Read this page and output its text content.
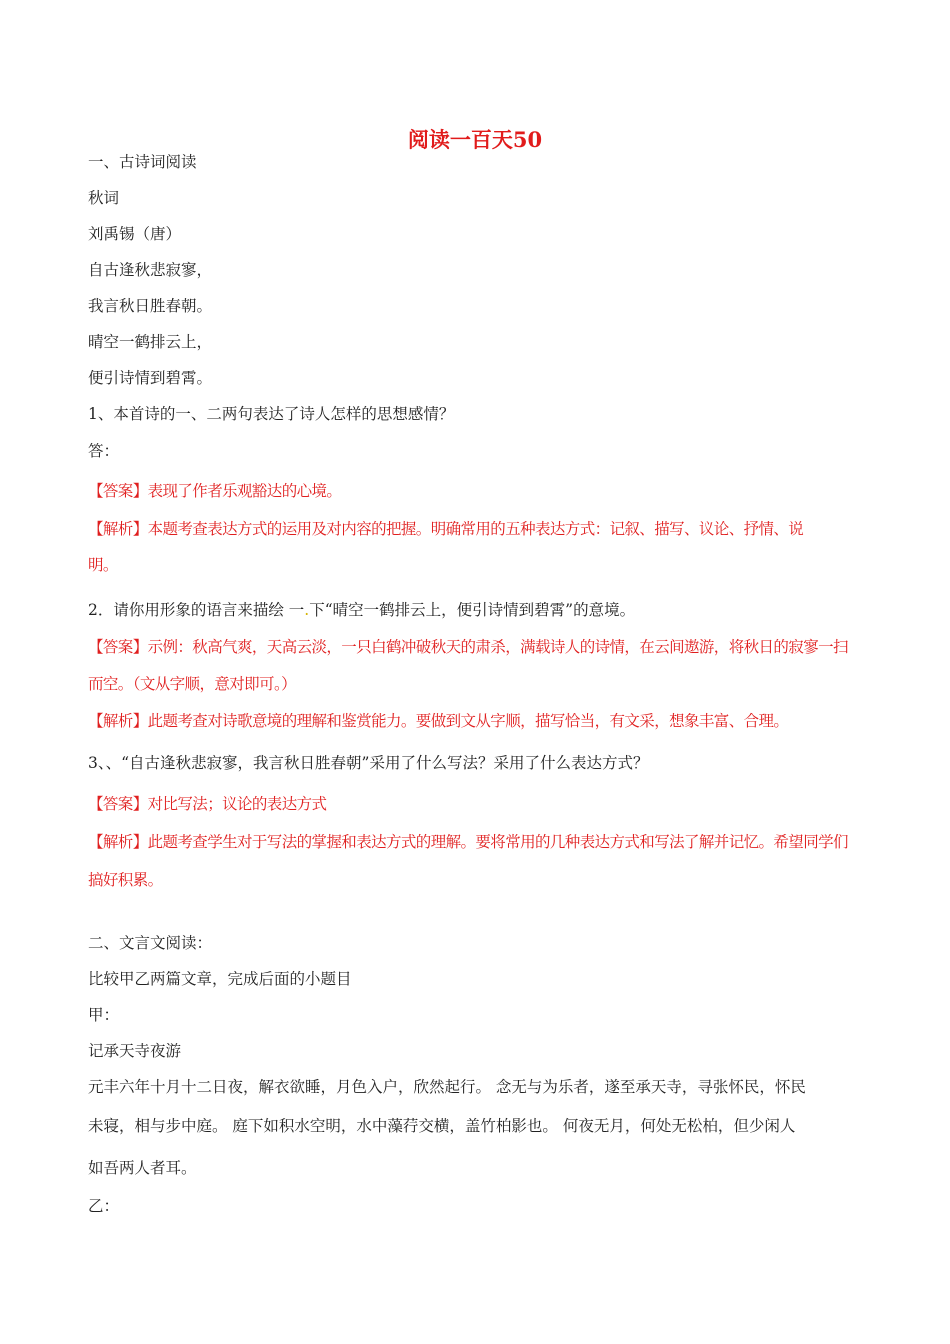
阅读一百天50
一、古诗词阅读
秋词
刘禹锡（唐）
自古逢秋悲寂寥，
我言秋日胜春朝。
晴空一鹤排云上，
便引诗情到碧霄。
1、本首诗的一、二两句表达了诗人怎样的思想感情？
答：
【答案】表现了作者乐观豁达的心境。
【解析】本题考查表达方式的运用及对内容的把握。明确常用的五种表达方式：记叙、描写、议论、抒情、说
明。
2．请你用形象的语言来描绘 一.下“晴空一鹤排云上，便引诗情到碧霄”的意境。
【答案】示例：秋高气爽，天高云淡，一只白鹤冲破秋天的肃杀，满载诗人的诗情，在云间遨游，将秋日的寂寥一扫
而空。（文从字顺，意对即可。）
【解析】此题考查对诗歌意境的理解和鉴赏能力。要做到文从字顺，描写恰当，有文采，想象丰富、合理。
3、、“自古逢秋悲寂寥，我言秋日胜春朝”采用了什么写法？采用了什么表达方式？
【答案】对比写法；议论的表达方式
【解析】此题考查学生对于写法的掌握和表达方式的理解。要将常用的几种表达方式和写法了解并记忆。希望同学们
搞好积累。
二、文言文阅读：
比较甲乙两篇文章，完成后面的小题目
甲：
记承天寺夜游
元丰六年十月十二日夜，解衣欲睡，月色入户，欣然起行。 念无与为乐者，遂至承天寺，寻张怀民，怀民
未寝，相与步中庭。 庭下如积水空明，水中藻荇交横，盖竹柏影也。 何夜无月，何处无松柏，但少闲人
如吾两人者耳。
乙：
